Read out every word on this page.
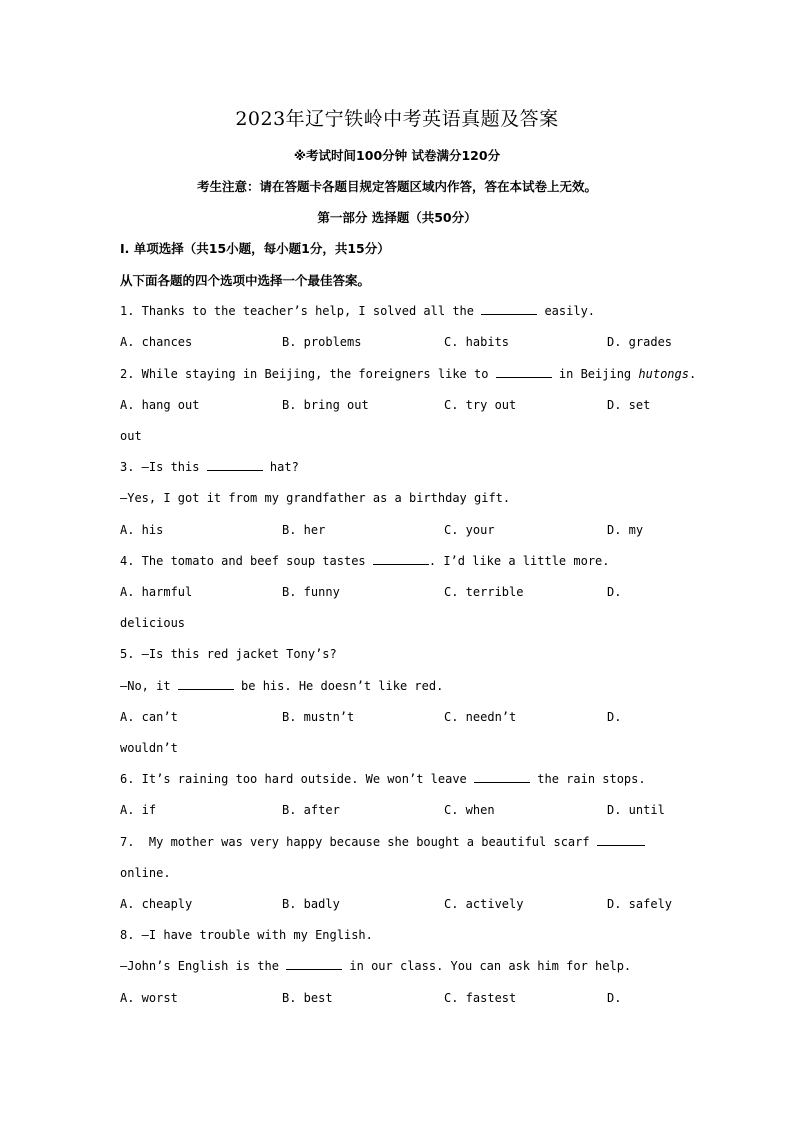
2023年辽宁铁岭中考英语真题及答案
※考试时间100分钟 试卷满分120分
考生注意：请在答题卡各题目规定答题区域内作答，答在本试卷上无效。
第一部分 选择题（共50分）
Ⅰ. 单项选择（共15小题，每小题1分，共15分）
从下面各题的四个选项中选择一个最佳答案。
1. Thanks to the teacher’s help, I solved all the	easily.
A. chances	B. problems	C. habits	D. grades
2. While staying in Beijing, the foreigners like to	in Beijing hutongs.
A. hang out	B. bring out	C. try out	D. set
out
3. —Is this	hat?
—Yes, I got it from my grandfather as a birthday gift.
A. his	B. her	C. your	D. my
4. The tomato and beef soup tastes	. I’d like a little more.
A. harmful	B. funny	C. terrible	D.
delicious
5. —Is this red jacket Tony’s?
—No, it	be his. He doesn’t like red.
A. can’t	B. mustn’t	C. needn’t	D.
wouldn’t
6. It’s raining too hard outside. We won’t leave	the rain stops.
A. if	B. after	C. when	D. until
7.  My mother was very happy because she bought a beautiful scarf
online.
A. cheaply	B. badly	C. actively	D. safely
8. —I have trouble with my English.
—John’s English is the	in our class. You can ask him for help.
A. worst	B. best	C. fastest	D.
